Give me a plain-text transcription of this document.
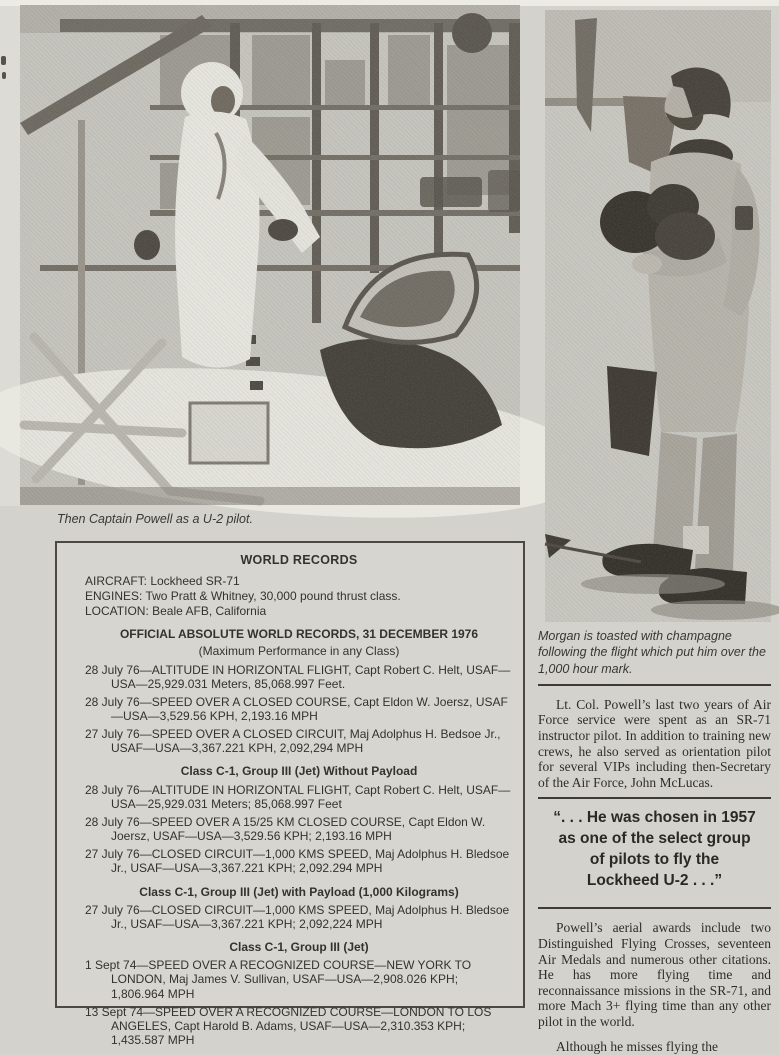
Then Captain Powell as a U-2 pilot.
WORLD RECORDS
AIRCRAFT: Lockheed SR-71
ENGINES: Two Pratt & Whitney, 30,000 pound thrust class.
LOCATION: Beale AFB, California
OFFICIAL ABSOLUTE WORLD RECORDS, 31 DECEMBER 1976
(Maximum Performance in any Class)
28 July 76—ALTITUDE IN HORIZONTAL FLIGHT, Capt Robert C. Helt, USAF—USA—25,929.031 Meters, 85,068.997 Feet.
28 July 76—SPEED OVER A CLOSED COURSE, Capt Eldon W. Joersz, USAF—USA—3,529.56 KPH, 2,193.16 MPH
27 July 76—SPEED OVER A CLOSED CIRCUIT, Maj Adolphus H. Bedsoe Jr., USAF—USA—3,367.221 KPH, 2,092,294 MPH
Class C-1, Group III (Jet) Without Payload
28 July 76—ALTITUDE IN HORIZONTAL FLIGHT, Capt Robert C. Helt, USAF—USA—25,929.031 Meters; 85,068.997 Feet
28 July 76—SPEED OVER A 15/25 KM CLOSED COURSE, Capt Eldon W. Joersz, USAF—USA—3,529.56 KPH; 2,193.16 MPH
27 July 76—CLOSED CIRCUIT—1,000 KMS SPEED, Maj Adolphus H. Bledsoe Jr., USAF—USA—3,367.221 KPH; 2,092.294 MPH
Class C-1, Group III (Jet) with Payload (1,000 Kilograms)
27 July 76—CLOSED CIRCUIT—1,000 KMS SPEED, Maj Adolphus H. Bledsoe Jr., USAF—USA—3,367.221 KPH; 2,092,224 MPH
Class C-1, Group III (Jet)
1 Sept 74—SPEED OVER A RECOGNIZED COURSE—NEW YORK TO LONDON, Maj James V. Sullivan, USAF—USA—2,908.026 KPH; 1,806.964 MPH
13 Sept 74—SPEED OVER A RECOGNIZED COURSE—LONDON TO LOS ANGELES, Capt Harold B. Adams, USAF—USA—2,310.353 KPH; 1,435.587 MPH
Morgan is toasted with champagne following the flight which put him over the 1,000 hour mark.

Lt. Col. Powell’s last two years of Air Force service were spent as an SR-71 instructor pilot. In addition to training new crews, he also served as orientation pilot for several VIPs including then-Secretary of the Air Force, John McLucas.

“. . . He was chosen in 1957
as one of the select group
of pilots to fly the
Lockheed U-2 . . .”

Powell’s aerial awards include two Distinguished Flying Crosses, seventeen Air Medals and numerous other citations. He has more flying time and reconnaissance missions in the SR-71, and more Mach 3+ flying time than any other pilot in the world.

Although he misses flying the
